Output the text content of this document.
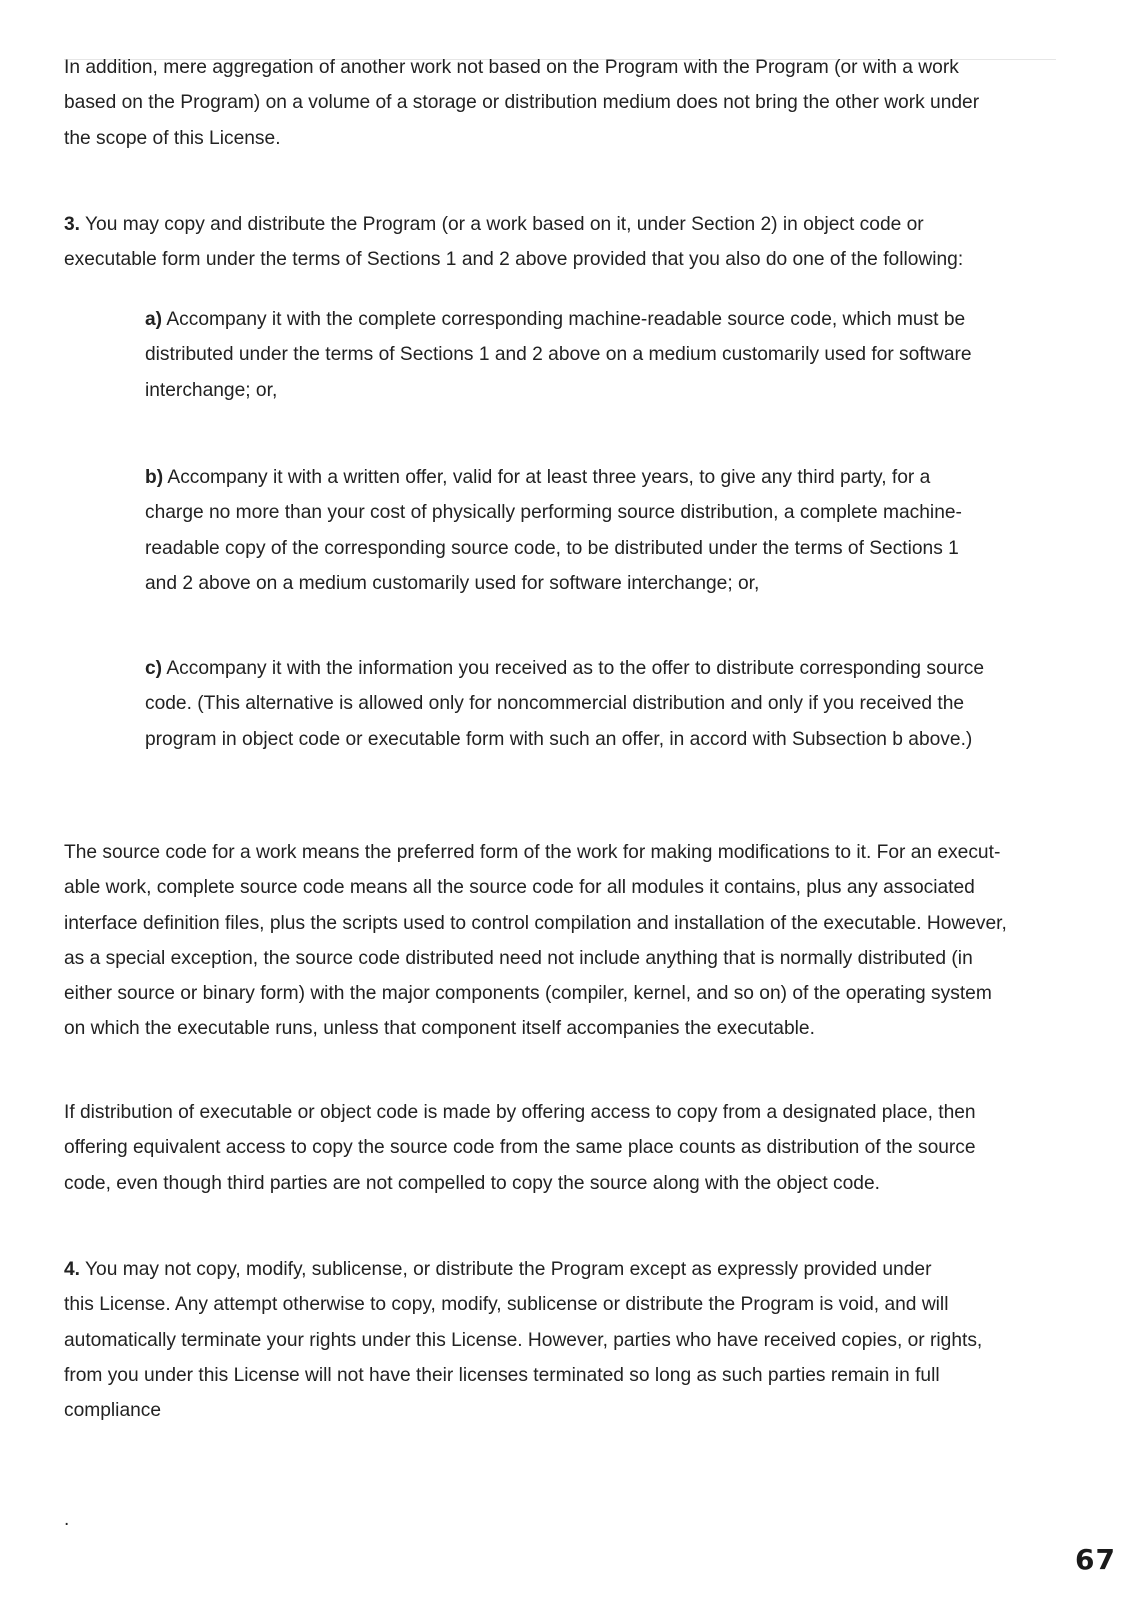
In addition, mere aggregation of another work not based on the Program with the Program (or with a work
based on the Program) on a volume of a storage or distribution medium does not bring the other work under
the scope of this License.

3. You may copy and distribute the Program (or a work based on it, under Section 2) in object code or
executable form under the terms of Sections 1 and 2 above provided that you also do one of the following:

a) Accompany it with the complete corresponding machine-readable source code, which must be
distributed under the terms of Sections 1 and 2 above on a medium customarily used for software
interchange; or,

b) Accompany it with a written offer, valid for at least three years, to give any third party, for a
charge no more than your cost of physically performing source distribution, a complete machine-
readable copy of the corresponding source code, to be distributed under the terms of Sections 1
and 2 above on a medium customarily used for software interchange; or,

c) Accompany it with the information you received as to the offer to distribute corresponding source
code. (This alternative is allowed only for noncommercial distribution and only if you received the
program in object code or executable form with such an offer, in accord with Subsection b above.)

The source code for a work means the preferred form of the work for making modifications to it. For an execut-
able work, complete source code means all the source code for all modules it contains, plus any associated
interface definition files, plus the scripts used to control compilation and installation of the executable. However,
as a special exception, the source code distributed need not include anything that is normally distributed (in
either source or binary form) with the major components (compiler, kernel, and so on) of the operating system
on which the executable runs, unless that component itself accompanies the executable.

If distribution of executable or object code is made by offering access to copy from a designated place, then
offering equivalent access to copy the source code from the same place counts as distribution of the source
code, even though third parties are not compelled to copy the source along with the object code.

4. You may not copy, modify, sublicense, or distribute the Program except as expressly provided under
this License. Any attempt otherwise to copy, modify, sublicense or distribute the Program is void, and will
automatically terminate your rights under this License. However, parties who have received copies, or rights,
from you under this License will not have their licenses terminated so long as such parties remain in full
compliance

.
67
